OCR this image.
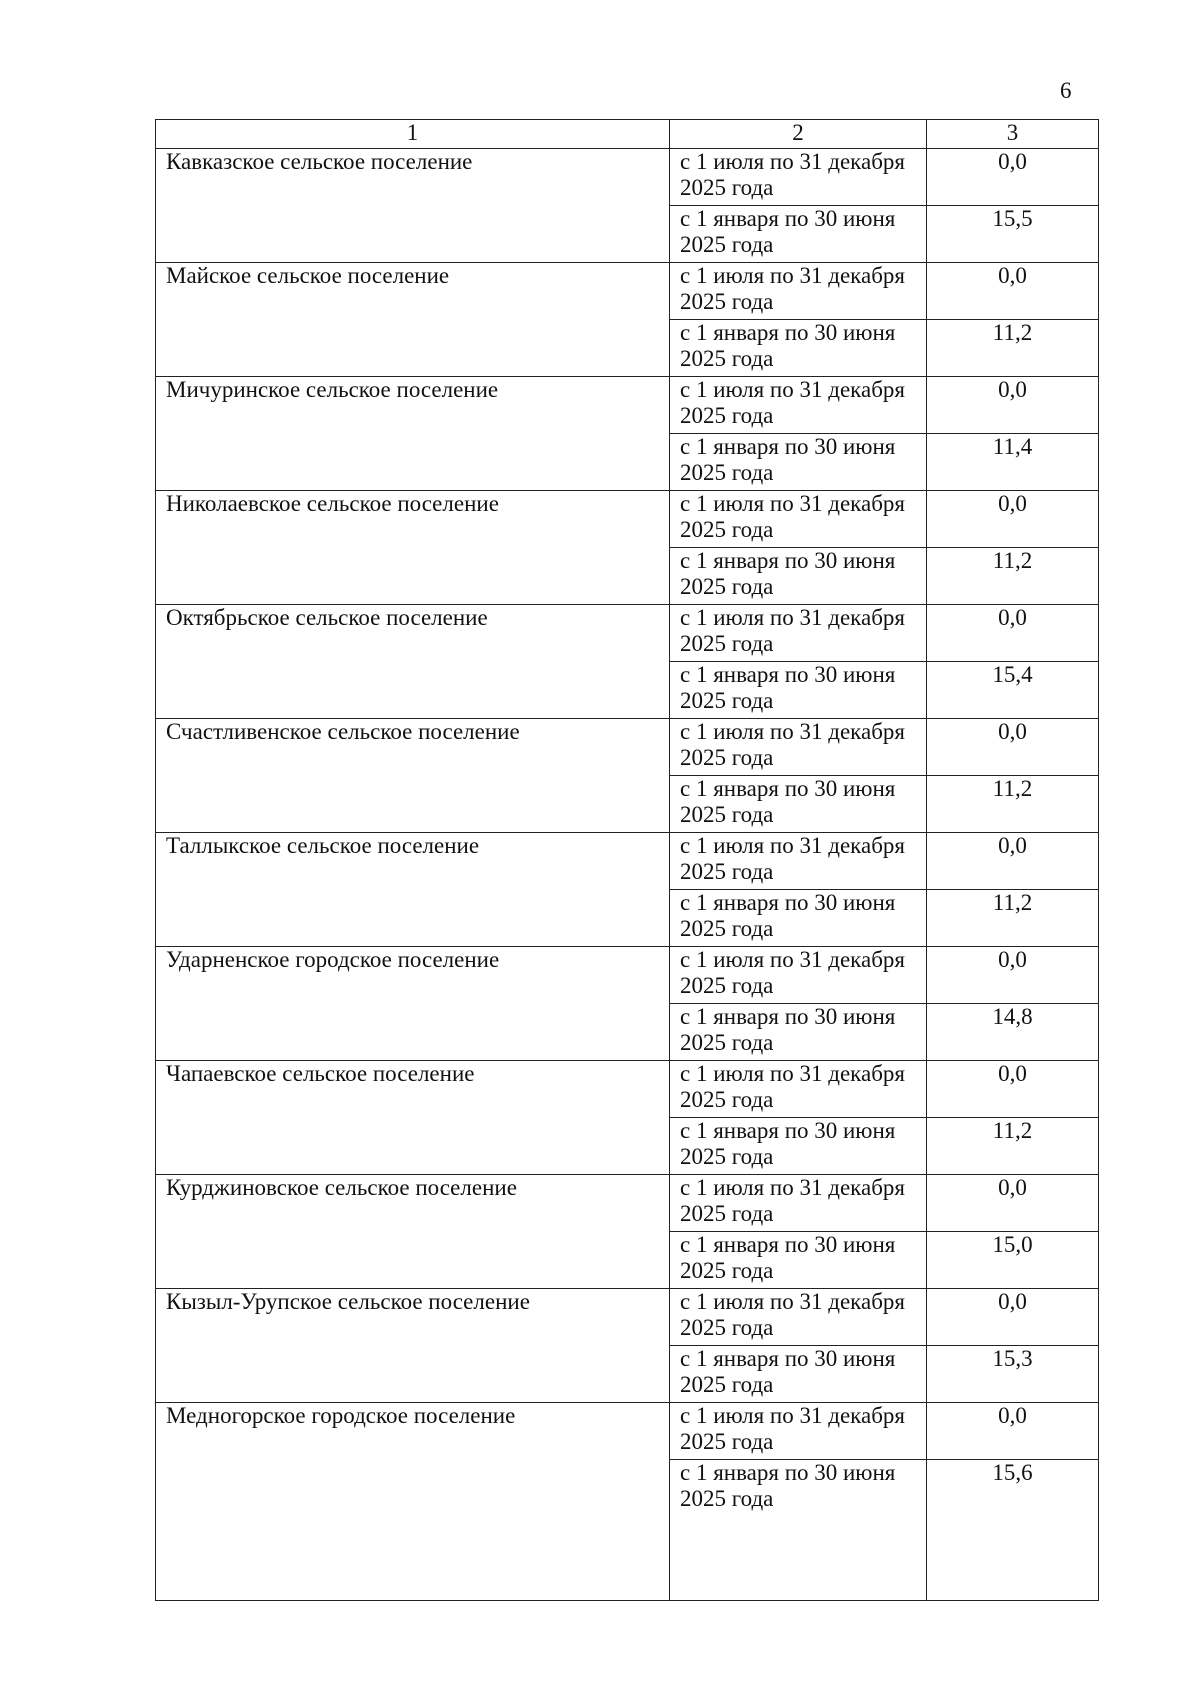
6
1	2	3
Кавказское сельское поселение	с 1 июля по 31 декабря 2025 года	0,0
	с 1 января по 30 июня 2025 года	15,5
Майское сельское поселение	с 1 июля по 31 декабря 2025 года	0,0
	с 1 января по 30 июня 2025 года	11,2
Мичуринское сельское поселение	с 1 июля по 31 декабря 2025 года	0,0
	с 1 января по 30 июня 2025 года	11,4
Николаевское сельское поселение	с 1 июля по 31 декабря 2025 года	0,0
	с 1 января по 30 июня 2025 года	11,2
Октябрьское сельское поселение	с 1 июля по 31 декабря 2025 года	0,0
	с 1 января по 30 июня 2025 года	15,4
Счастливенское сельское поселение	с 1 июля по 31 декабря 2025 года	0,0
	с 1 января по 30 июня 2025 года	11,2
Таллыкское сельское поселение	с 1 июля по 31 декабря 2025 года	0,0
	с 1 января по 30 июня 2025 года	11,2
Ударненское городское поселение	с 1 июля по 31 декабря 2025 года	0,0
	с 1 января по 30 июня 2025 года	14,8
Чапаевское сельское поселение	с 1 июля по 31 декабря 2025 года	0,0
	с 1 января по 30 июня 2025 года	11,2
Курджиновское сельское поселение	с 1 июля по 31 декабря 2025 года	0,0
	с 1 января по 30 июня 2025 года	15,0
Кызыл-Урупское сельское поселение	с 1 июля по 31 декабря 2025 года	0,0
	с 1 января по 30 июня 2025 года	15,3
Медногорское городское поселение	с 1 июля по 31 декабря 2025 года	0,0
	с 1 января по 30 июня 2025 года	15,6
